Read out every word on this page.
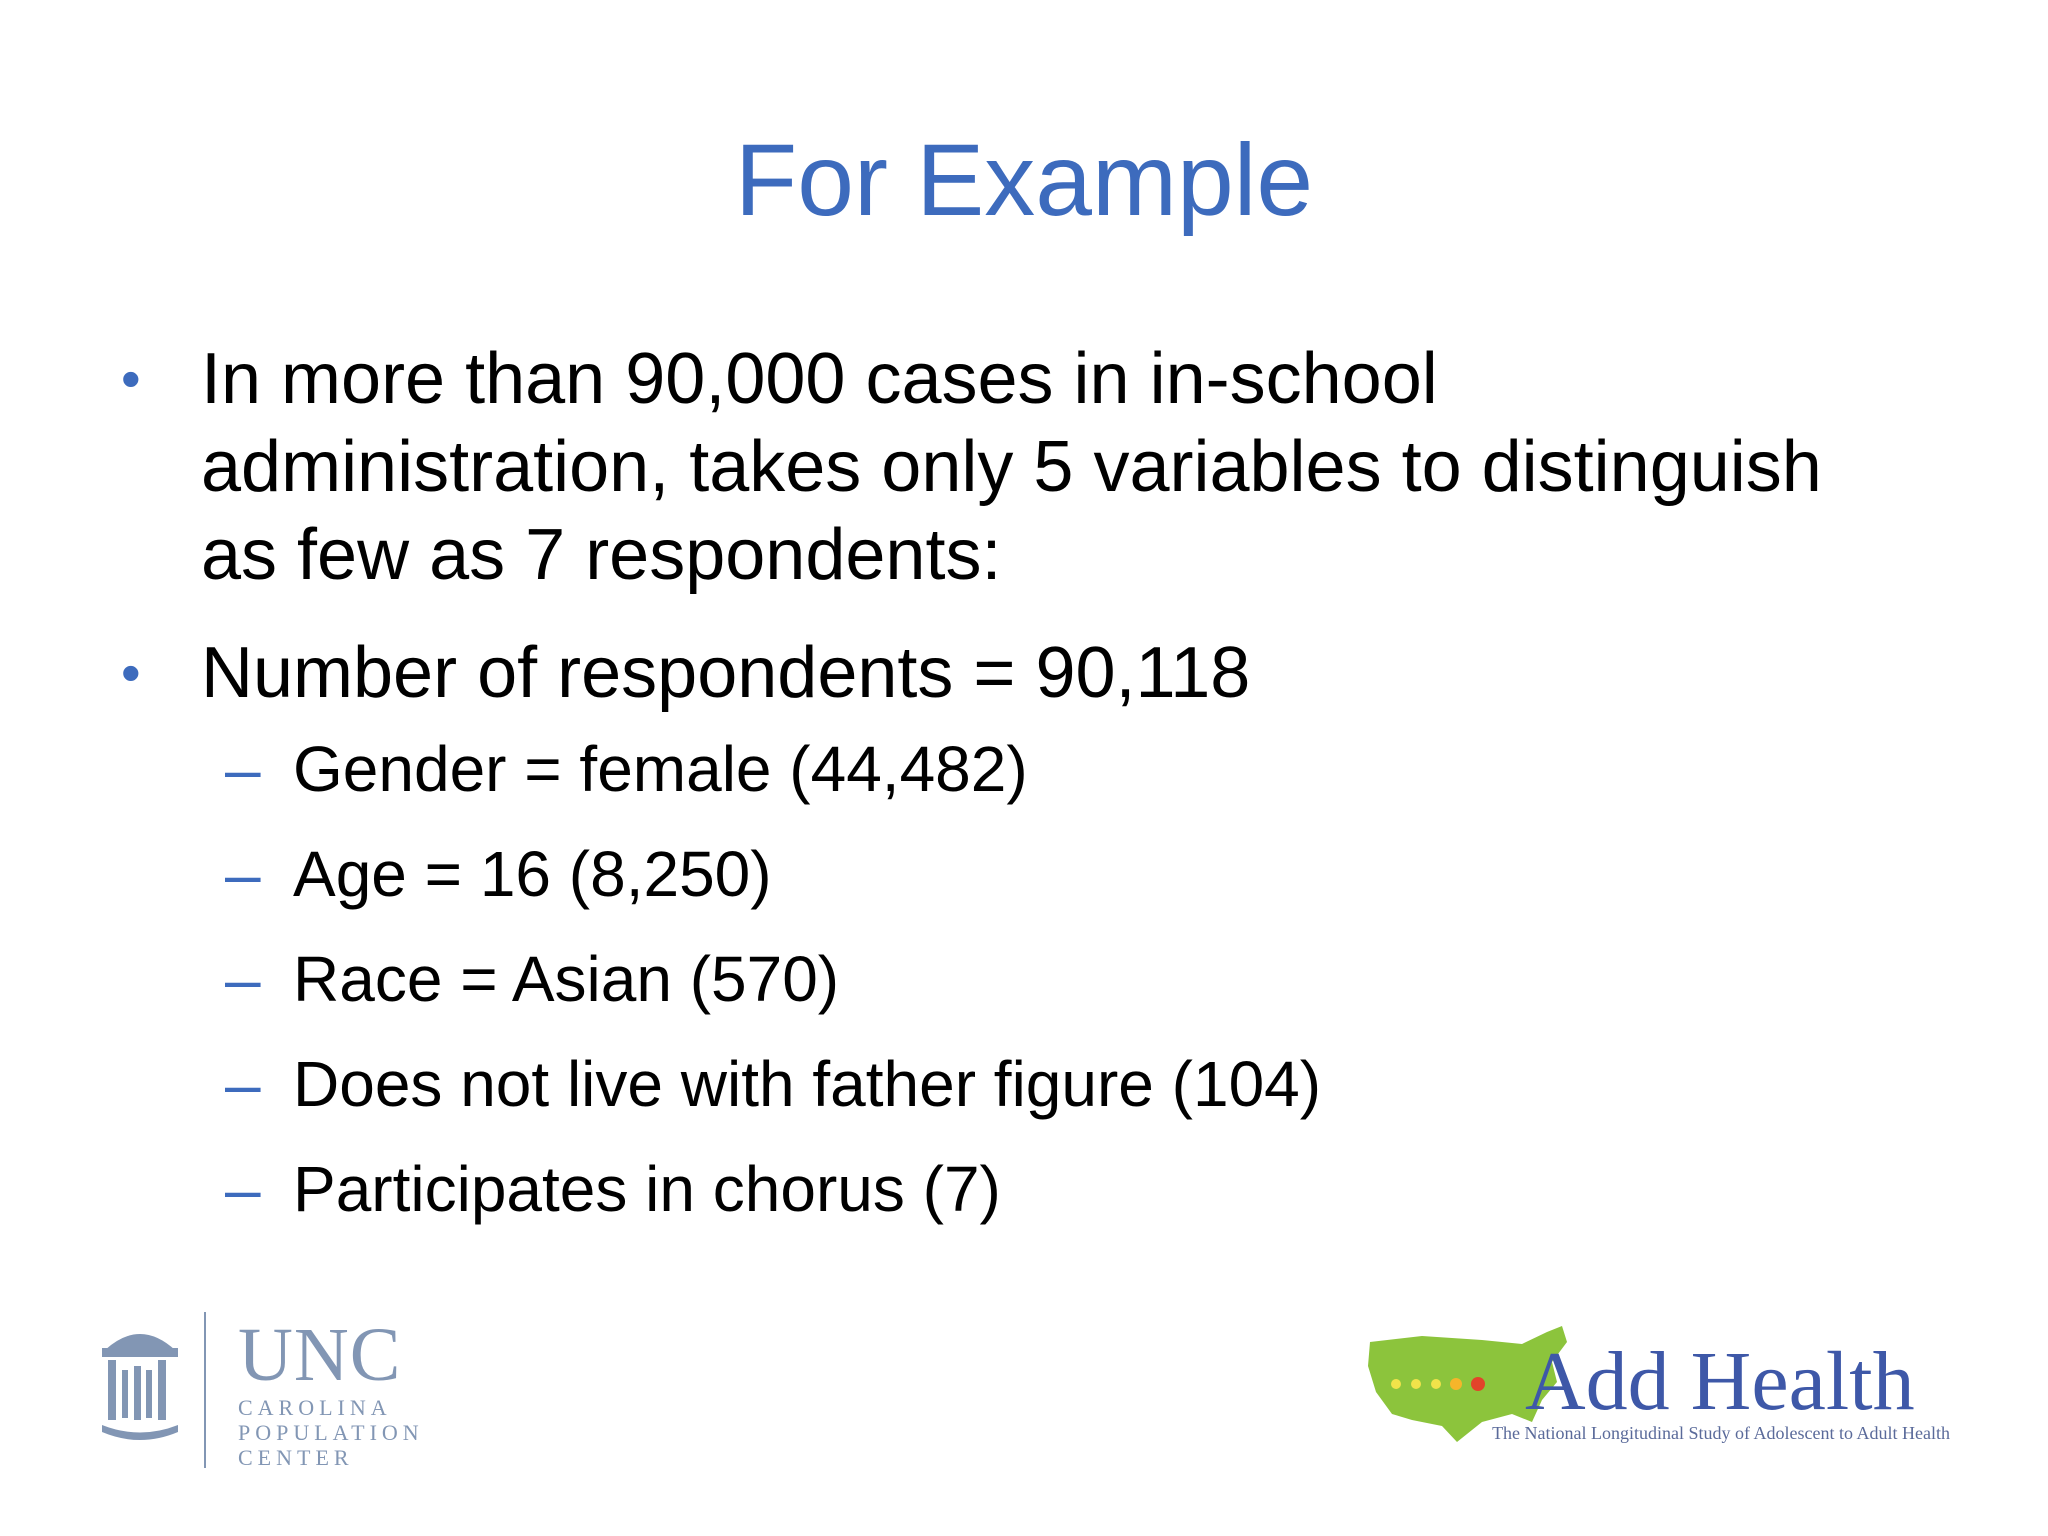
For Example
• In more than 90,000 cases in in-school
administration, takes only 5 variables to distinguish
as few as 7 respondents:
• Number of respondents = 90,118
– Gender = female (44,482)
– Age = 16 (8,250)
– Race = Asian (570)
– Does not live with father figure (104)
– Participates in chorus (7)
UNC
CAROLINA
POPULATION
CENTER
Add Health
The National Longitudinal Study of Adolescent to Adult Health
